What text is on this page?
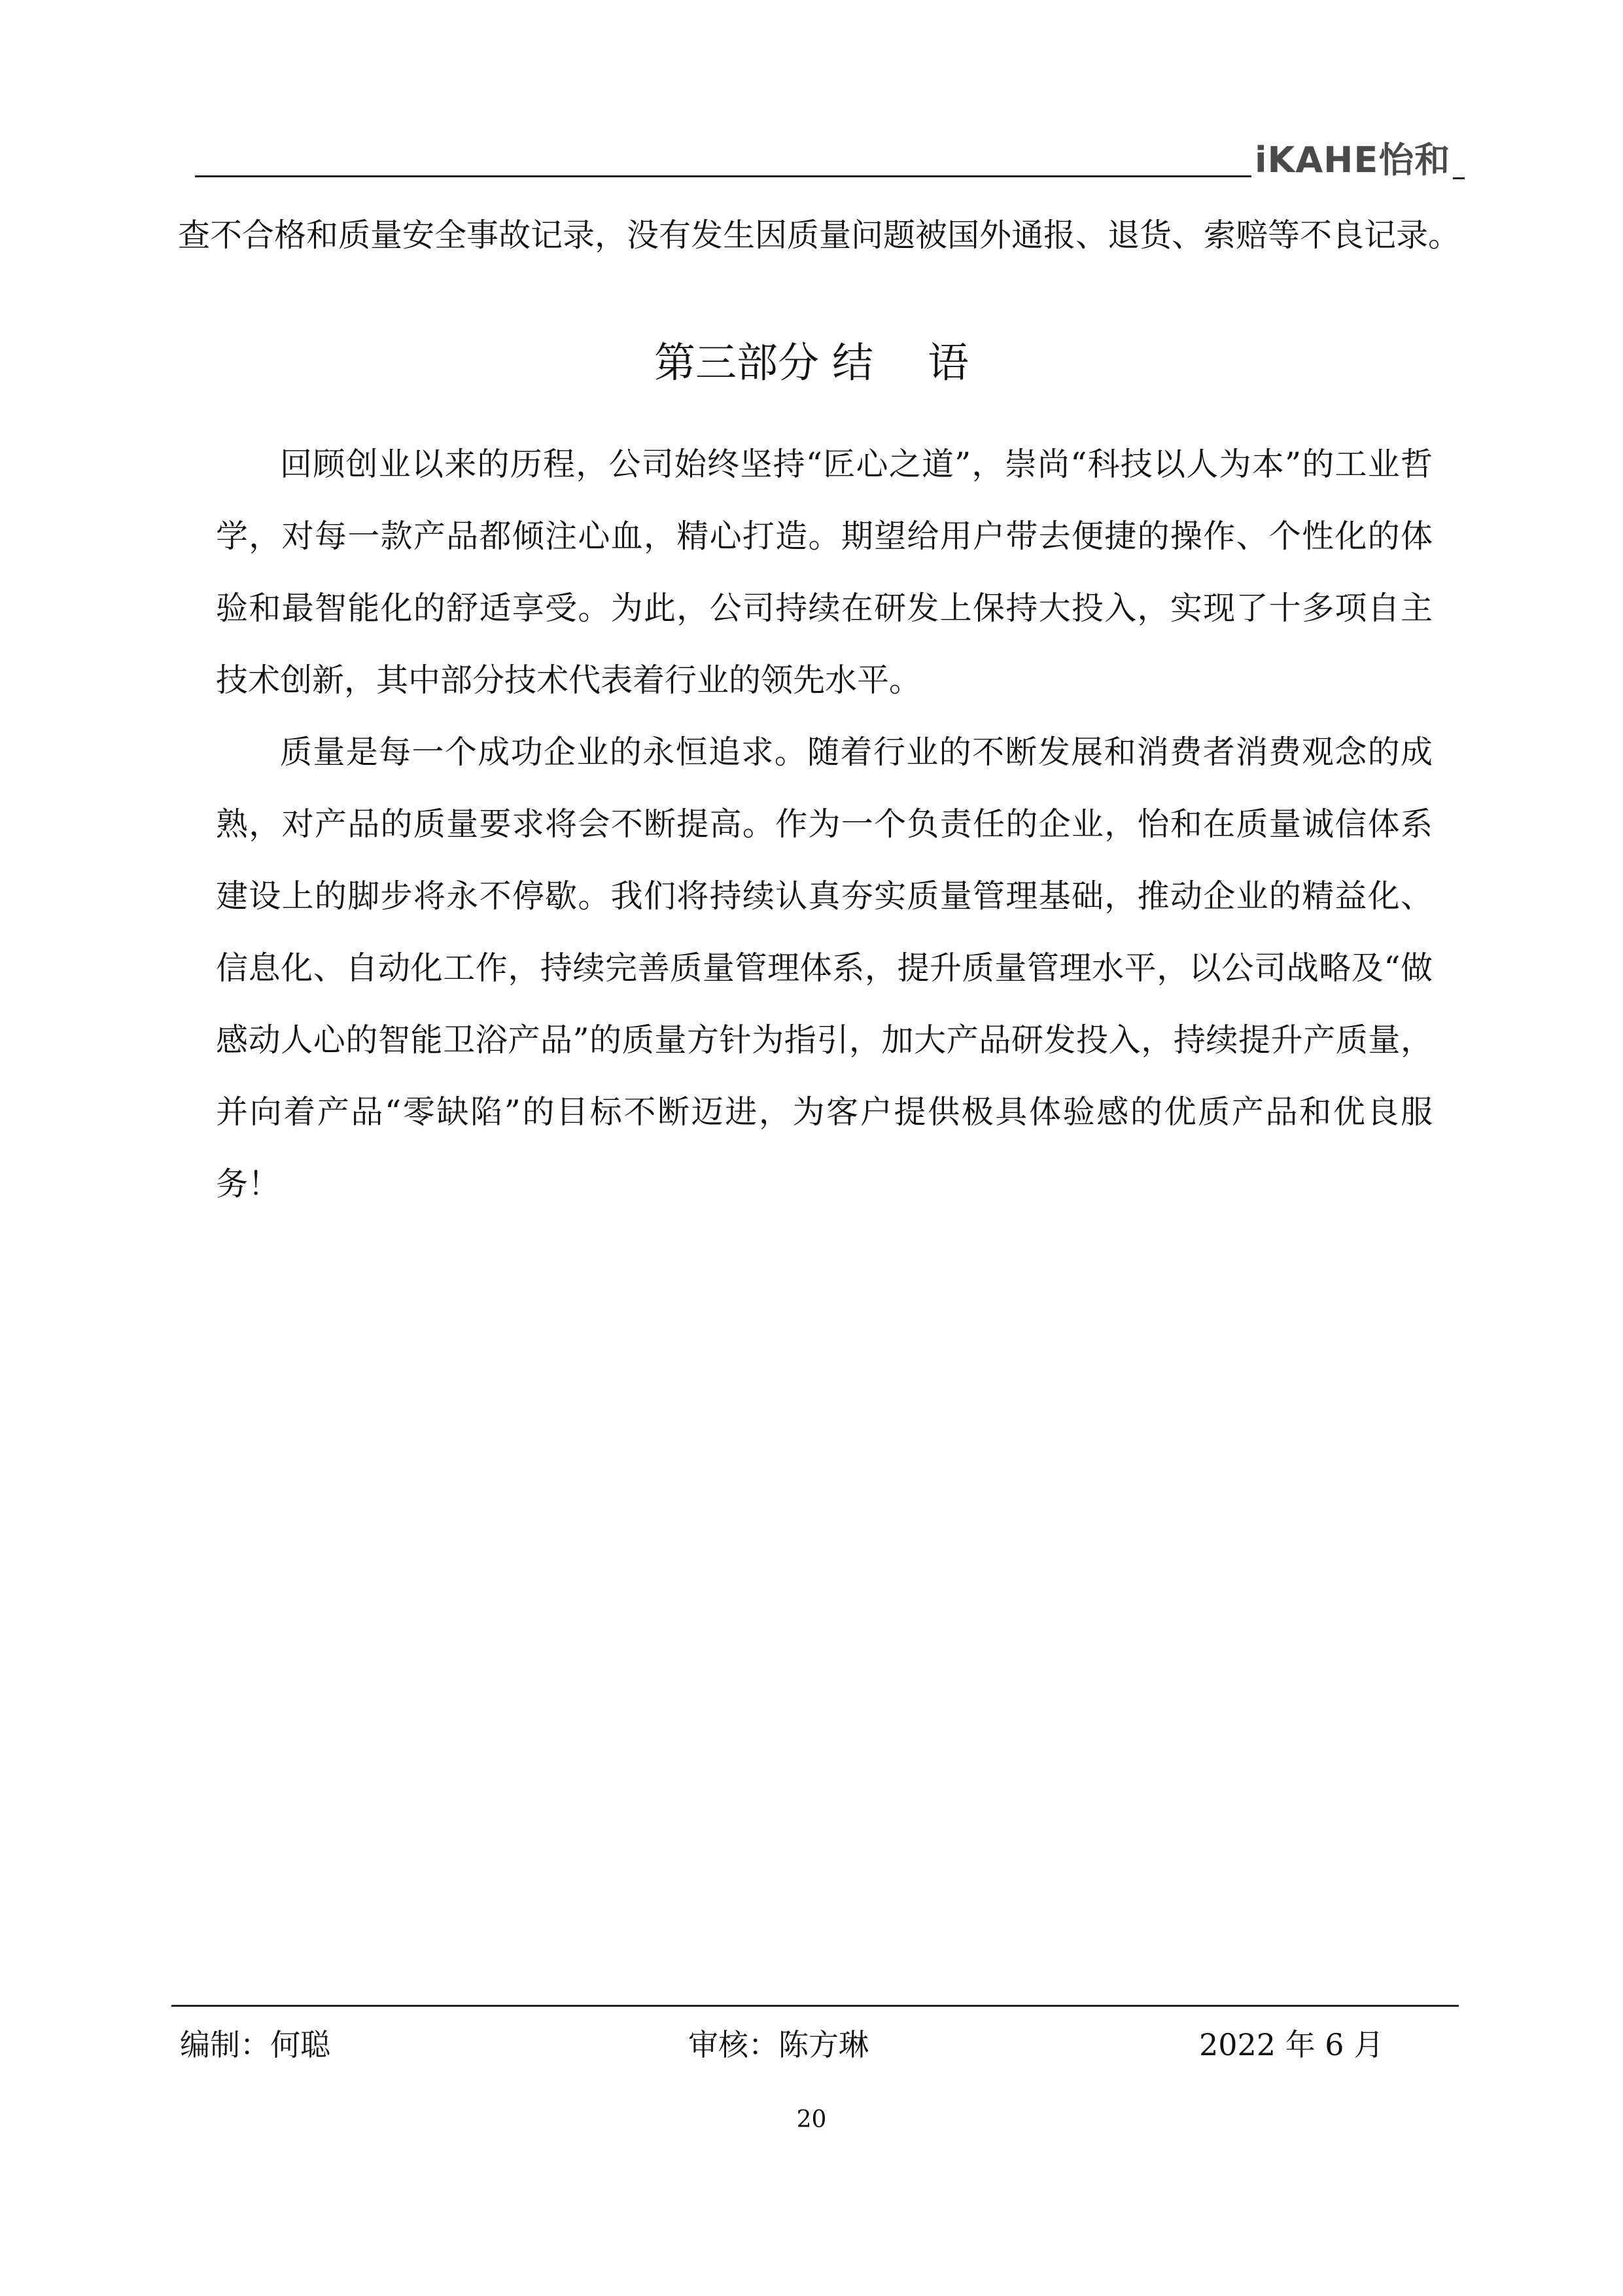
iKAHE怡和
查不合格和质量安全事故记录，没有发生因质量问题被国外通报、退货、索赔等不良记录。
第三部分 结　 语

回顾创业以来的历程，公司始终坚持“匠心之道”，崇尚“科技以人为本”的工业哲学，对每一款产品都倾注心血，精心打造。期望给用户带去便捷的操作、个性化的体验和最智能化的舒适享受。为此，公司持续在研发上保持大投入，实现了十多项自主技术创新，其中部分技术代表着行业的领先水平。

质量是每一个成功企业的永恒追求。随着行业的不断发展和消费者消费观念的成熟，对产品的质量要求将会不断提高。作为一个负责任的企业，怡和在质量诚信体系建设上的脚步将永不停歇。我们将持续认真夯实质量管理基础，推动企业的精益化、信息化、自动化工作，持续完善质量管理体系，提升质量管理水平，以公司战略及“做感动人心的智能卫浴产品”的质量方针为指引，加大产品研发投入，持续提升产质量，并向着产品“零缺陷”的目标不断迈进，为客户提供极具体验感的优质产品和优良服务！

编制：何聪	审核：陈方琳	2022 年 6 月
20
